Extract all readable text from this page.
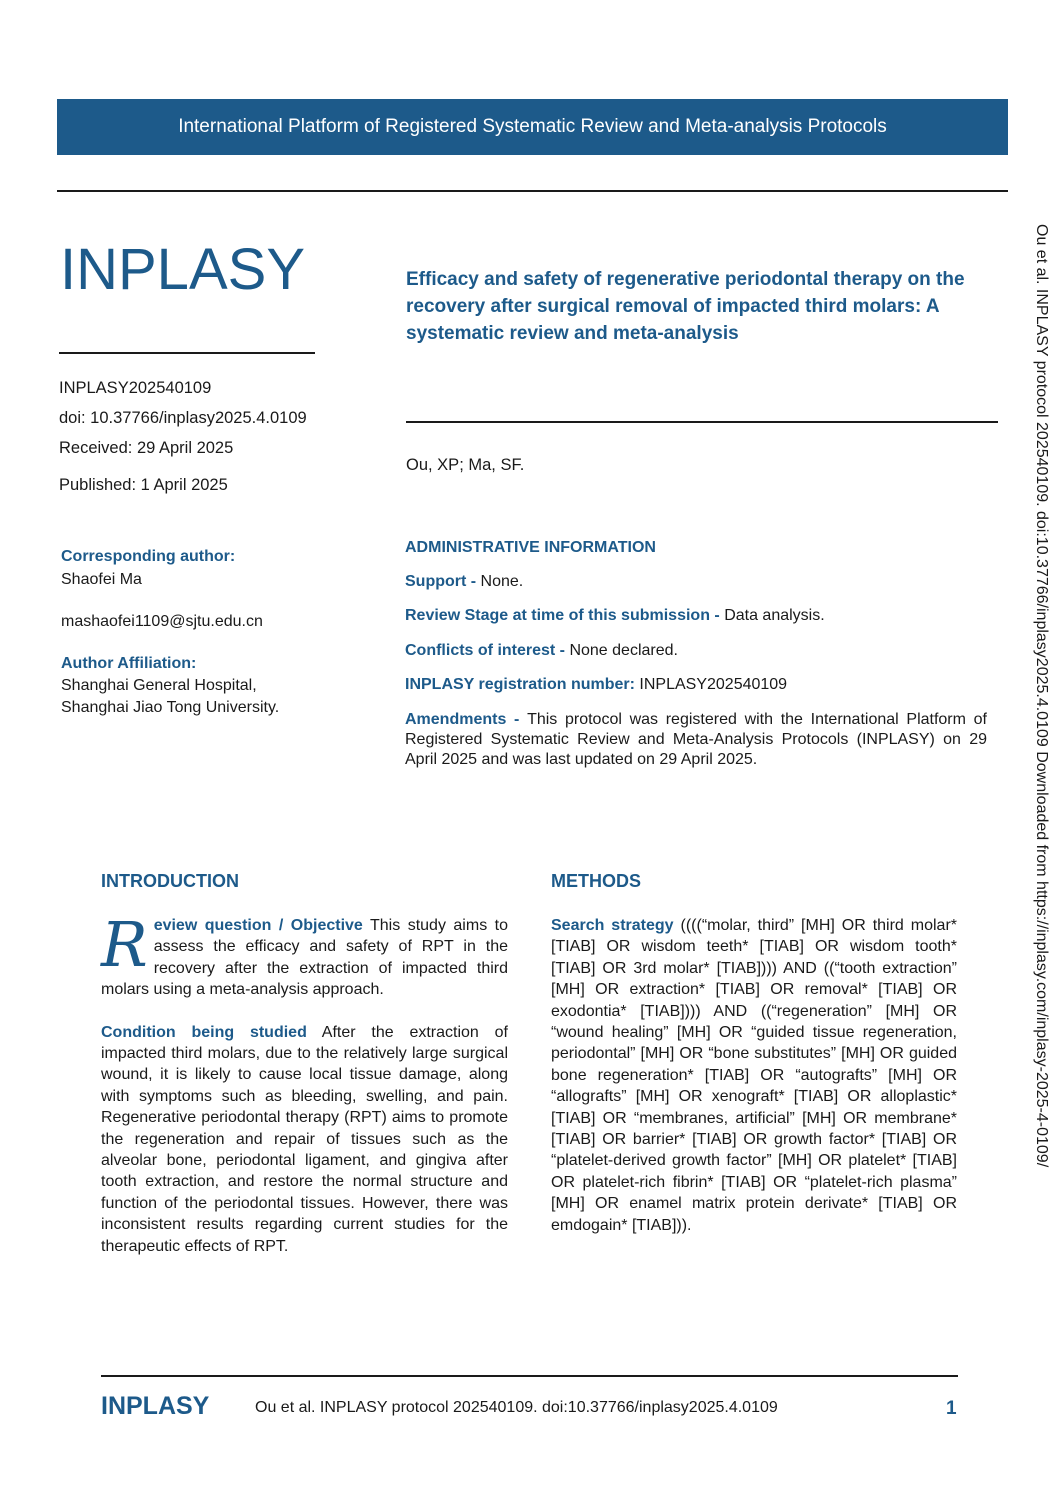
International Platform of Registered Systematic Review and Meta-analysis Protocols
INPLASY	Efficacy and safety of regenerative periodontal therapy on the recovery after surgical removal of impacted third molars: A systematic review and meta-analysis
INPLASY202540109
doi: 10.37766/inplasy2025.4.0109
Received: 29 April 2025
Published: 1 April 2025
Ou, XP; Ma, SF.
Corresponding author:
Shaofei Ma
mashaofei1109@sjtu.edu.cn
Author Affiliation:
Shanghai General Hospital,
Shanghai Jiao Tong University.
ADMINISTRATIVE INFORMATION
Support - None.
Review Stage at time of this submission - Data analysis.
Conflicts of interest - None declared.
INPLASY registration number: INPLASY202540109
Amendments - This protocol was registered with the International Platform of Registered Systematic Review and Meta-Analysis Protocols (INPLASY) on 29 April 2025 and was last updated on 29 April 2025.
INTRODUCTION

Review question / Objective This study aims to assess the efficacy and safety of RPT in the recovery after the extraction of impacted third molars using a meta-analysis approach.

Condition being studied After the extraction of impacted third molars, due to the relatively large surgical wound, it is likely to cause local tissue damage, along with symptoms such as bleeding, swelling, and pain. Regenerative periodontal therapy (RPT) aims to promote the regeneration and repair of tissues such as the alveolar bone, periodontal ligament, and gingiva after tooth extraction, and restore the normal structure and function of the periodontal tissues. However, there was inconsistent results regarding current studies for the therapeutic effects of RPT.

METHODS

Search strategy ((((“molar, third” [MH] OR third molar* [TIAB] OR wisdom teeth* [TIAB] OR wisdom tooth* [TIAB] OR 3rd molar* [TIAB]))) AND ((“tooth extraction” [MH] OR extraction* [TIAB] OR removal* [TIAB] OR exodontia* [TIAB]))) AND ((“regeneration” [MH] OR “wound healing” [MH] OR “guided tissue regeneration, periodontal” [MH] OR “bone substitutes” [MH] OR guided bone regeneration* [TIAB] OR “autografts” [MH] OR “allografts” [MH] OR xenograft* [TIAB] OR alloplastic* [TIAB] OR “membranes, artificial” [MH] OR membrane* [TIAB] OR barrier* [TIAB] OR growth factor* [TIAB] OR “platelet-derived growth factor” [MH] OR platelet* [TIAB] OR platelet-rich fibrin* [TIAB] OR “platelet-rich plasma” [MH] OR enamel matrix protein derivate* [TIAB] OR emdogain* [TIAB])).

Ou et al. INPLASY protocol 202540109. doi:10.37766/inplasy2025.4.0109 Downloaded from https://inplasy.com/inplasy-2025-4-0109/
INPLASY	Ou et al. INPLASY protocol 202540109. doi:10.37766/inplasy2025.4.0109	1
